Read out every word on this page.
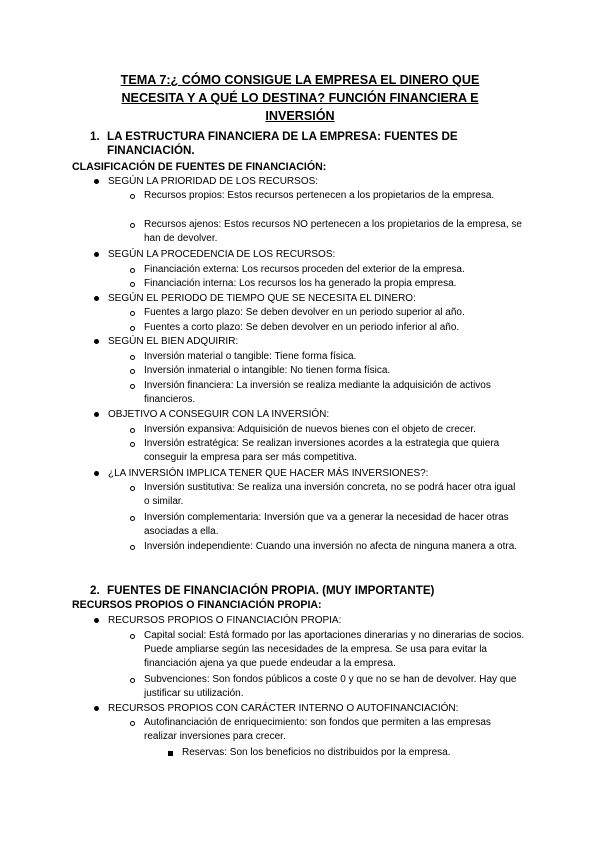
TEMA 7:¿ CÓMO CONSIGUE LA EMPRESA EL DINERO QUE NECESITA Y A QUÉ LO DESTINA? FUNCIÓN FINANCIERA E INVERSIÓN
1. LA ESTRUCTURA FINANCIERA DE LA EMPRESA: FUENTES DE FINANCIACIÓN.
CLASIFICACIÓN DE FUENTES DE FINANCIACIÓN:
SEGÚN LA PRIORIDAD DE LOS RECURSOS:
Recursos propios: Estos recursos pertenecen a los propietarios de la empresa.
Recursos ajenos: Estos recursos NO pertenecen a los propietarios de la empresa, se han de devolver.
SEGÚN LA PROCEDENCIA DE LOS RECURSOS:
Financiación externa: Los recursos proceden del exterior de la empresa.
Financiación interna: Los recursos los ha generado la propia empresa.
SEGÚN EL PERIODO DE TIEMPO QUE SE NECESITA EL DINERO:
Fuentes a largo plazo: Se deben devolver en un periodo superior al año.
Fuentes a corto plazo: Se deben devolver en un periodo inferior al año.
SEGÚN EL BIEN ADQUIRIR:
Inversión material o tangible: Tiene forma física.
Inversión inmaterial o intangible: No tienen forma física.
Inversión financiera: La inversión se realiza mediante la adquisición de activos financieros.
OBJETIVO A CONSEGUIR CON LA INVERSIÓN:
Inversión expansiva: Adquisición de nuevos bienes con el objeto de crecer.
Inversión estratégica: Se realizan inversiones acordes a la estrategia que quiera conseguir la empresa para ser más competitiva.
¿LA INVERSIÓN IMPLICA TENER QUE HACER MÁS INVERSIONES?:
Inversión sustitutiva: Se realiza una inversión concreta, no se podrá hacer otra igual o similar.
Inversión complementaria: Inversión que va a generar la necesidad de hacer otras asociadas a ella.
Inversión independiente: Cuando una inversión no afecta de ninguna manera a otra.
2. FUENTES DE FINANCIACIÓN PROPIA. (MUY IMPORTANTE)
RECURSOS PROPIOS O FINANCIACIÓN PROPIA:
RECURSOS PROPIOS O FINANCIACIÓN PROPIA:
Capital social: Está formado por las aportaciones dinerarias y no dinerarias de socios. Puede ampliarse según las necesidades de la empresa. Se usa para evitar la financiación ajena ya que puede endeudar a la empresa.
Subvenciones: Son fondos públicos a coste 0 y que no se han de devolver. Hay que justificar su utilización.
RECURSOS PROPIOS CON CARÁCTER INTERNO O AUTOFINANCIACIÓN:
Autofinanciación de enriquecimiento: son fondos que permiten a las empresas realizar inversiones para crecer.
Reservas: Son los beneficios no distribuidos por la empresa.
